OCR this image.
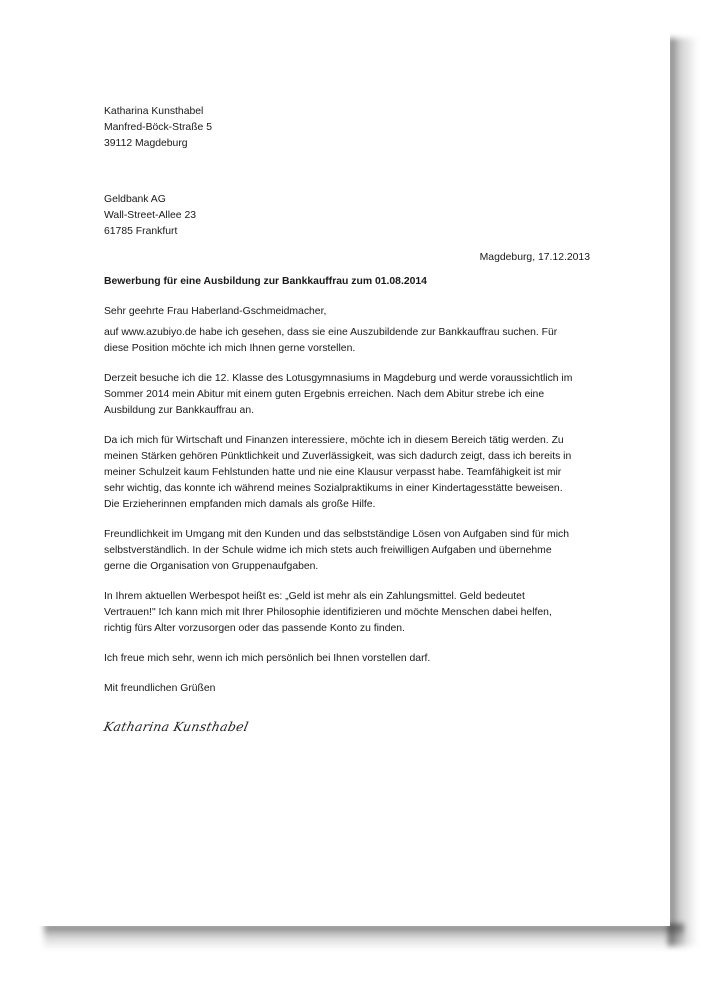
Katharina Kunsthabel
Manfred-Böck-Straße 5
39112 Magdeburg
Geldbank AG
Wall-Street-Allee 23
61785 Frankfurt
Magdeburg, 17.12.2013
Bewerbung für eine Ausbildung zur Bankkauffrau zum 01.08.2014
Sehr geehrte Frau Haberland-Gschmeidmacher,
auf www.azubiyo.de habe ich gesehen, dass sie eine Auszubildende zur Bankkauffrau suchen. Für
diese Position möchte ich mich Ihnen gerne vorstellen.
Derzeit besuche ich die 12. Klasse des Lotusgymnasiums in Magdeburg und werde voraussichtlich im
Sommer 2014 mein Abitur mit einem guten Ergebnis erreichen. Nach dem Abitur strebe ich eine
Ausbildung zur Bankkauffrau an.
Da ich mich für Wirtschaft und Finanzen interessiere, möchte ich in diesem Bereich tätig werden. Zu
meinen Stärken gehören Pünktlichkeit und Zuverlässigkeit, was sich dadurch zeigt, dass ich bereits in
meiner Schulzeit kaum Fehlstunden hatte und nie eine Klausur verpasst habe. Teamfähigkeit ist mir
sehr wichtig, das konnte ich während meines Sozialpraktikums in einer Kindertagesstätte beweisen.
Die Erzieherinnen empfanden mich damals als große Hilfe.
Freundlichkeit im Umgang mit den Kunden und das selbstständige Lösen von Aufgaben sind für mich
selbstverständlich. In der Schule widme ich mich stets auch freiwilligen Aufgaben und übernehme
gerne die Organisation von Gruppenaufgaben.
In Ihrem aktuellen Werbespot heißt es: „Geld ist mehr als ein Zahlungsmittel. Geld bedeutet
Vertrauen!" Ich kann mich mit Ihrer Philosophie identifizieren und möchte Menschen dabei helfen,
richtig fürs Alter vorzusorgen oder das passende Konto zu finden.
Ich freue mich sehr, wenn ich mich persönlich bei Ihnen vorstellen darf.
Mit freundlichen Grüßen
Katharina Kunsthabel
